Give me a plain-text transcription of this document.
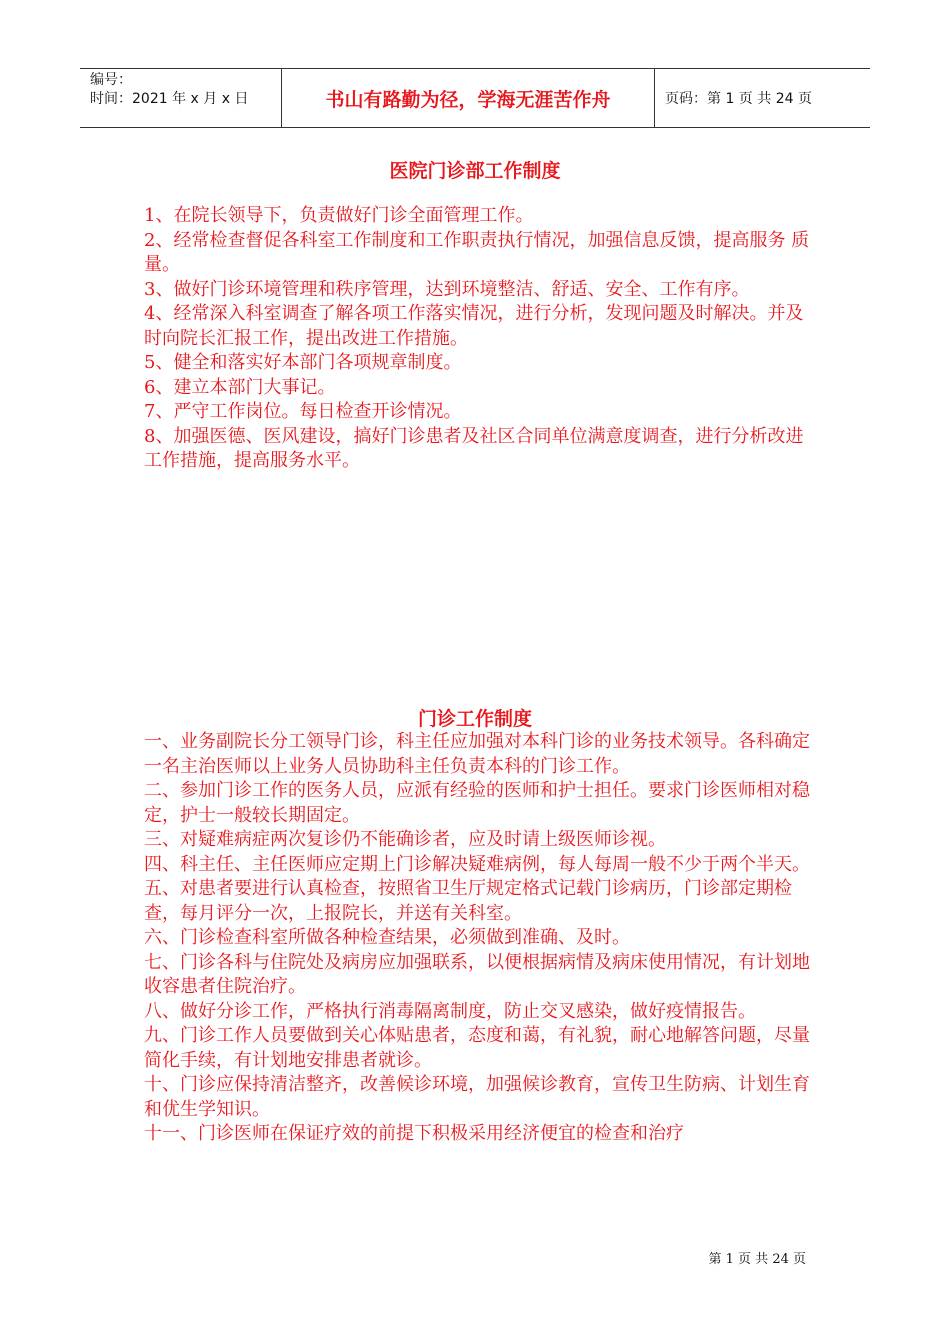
编号：
时间：2021 年 x 月 x 日	书山有路勤为径，学海无涯苦作舟	页码：第 1 页 共 24 页
医院门诊部工作制度

1、在院长领导下，负责做好门诊全面管理工作。

2、经常检查督促各科室工作制度和工作职责执行情况，加强信息反馈，提高服务 质量。

3、做好门诊环境管理和秩序管理，达到环境整洁、舒适、安全、工作有序。

4、经常深入科室调查了解各项工作落实情况，进行分析，发现问题及时解决。并及时向院长汇报工作，提出改进工作措施。

5、健全和落实好本部门各项规章制度。

6、建立本部门大事记。

7、严守工作岗位。每日检查开诊情况。

8、加强医德、医风建设，搞好门诊患者及社区合同单位满意度调查，进行分析改进工作措施，提高服务水平。

门诊工作制度

一、业务副院长分工领导门诊，科主任应加强对本科门诊的业务技术领导。各科确定一名主治医师以上业务人员协助科主任负责本科的门诊工作。

二、参加门诊工作的医务人员，应派有经验的医师和护士担任。要求门诊医师相对稳定，护士一般较长期固定。

三、对疑难病症两次复诊仍不能确诊者，应及时请上级医师诊视。

四、科主任、主任医师应定期上门诊解决疑难病例，每人每周一般不少于两个半天。

五、对患者要进行认真检查，按照省卫生厅规定格式记载门诊病历，门诊部定期检查，每月评分一次，上报院长，并送有关科室。

六、门诊检查科室所做各种检查结果，必须做到准确、及时。

七、门诊各科与住院处及病房应加强联系，以便根据病情及病床使用情况，有计划地收容患者住院治疗。

八、做好分诊工作，严格执行消毒隔离制度，防止交叉感染，做好疫情报告。

九、门诊工作人员要做到关心体贴患者，态度和蔼，有礼貌，耐心地解答问题，尽量简化手续，有计划地安排患者就诊。

十、门诊应保持清洁整齐，改善候诊环境，加强候诊教育，宣传卫生防病、计划生育和优生学知识。

十一、门诊医师在保证疗效的前提下积极采用经济便宜的检查和治疗

第 1 页 共 24 页
